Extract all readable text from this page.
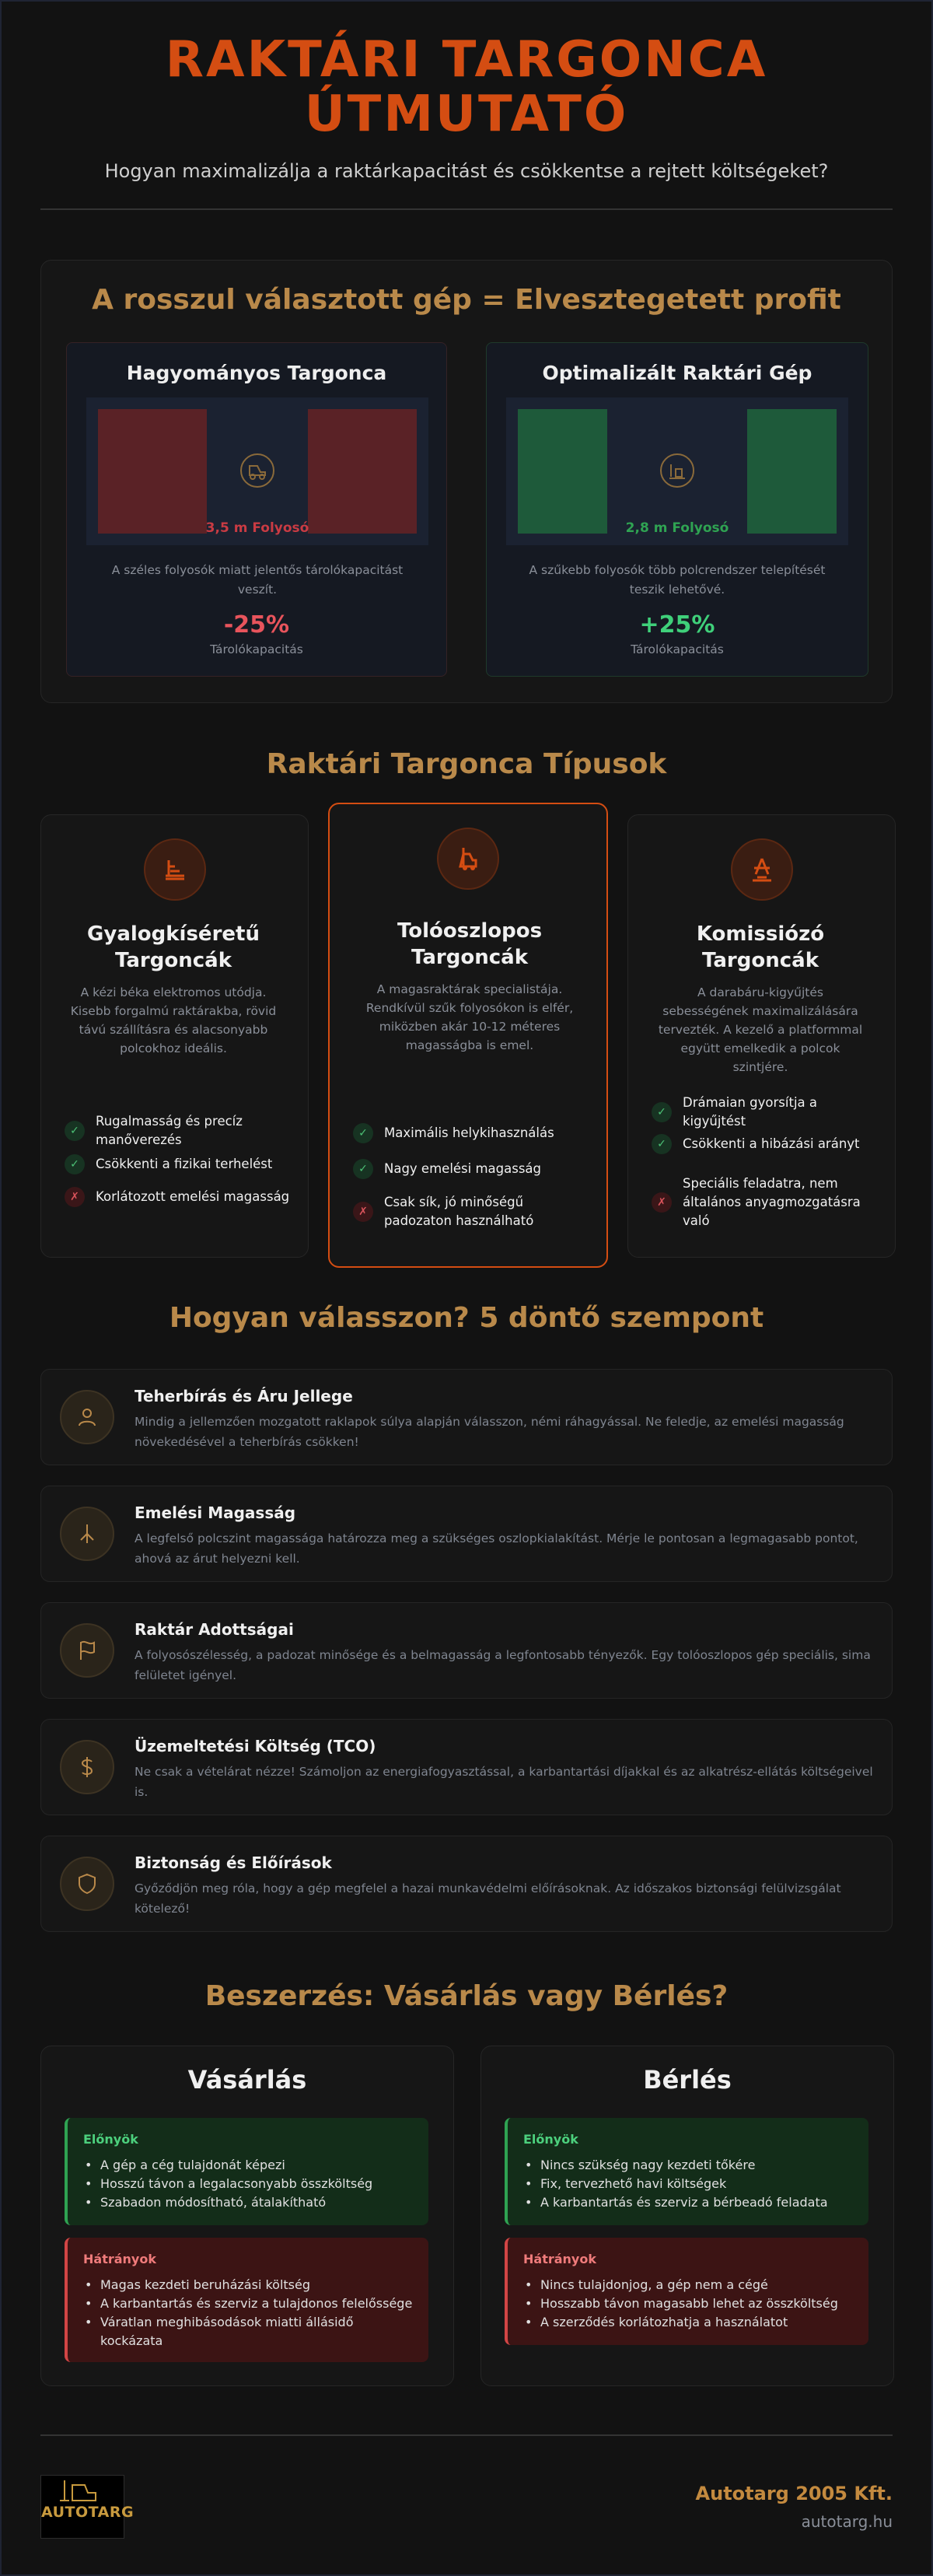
RAKTÁRI TARGONCA
ÚTMUTATÓ
Hogyan maximalizálja a raktárkapacitást és csökkentse a rejtett költségeket?
A rosszul választott gép = Elvesztegetett profit
Hagyományos Targonca
3,5 m Folyosó
A széles folyosók miatt jelentős tárolókapacitást veszít.
-25%
Tárolókapacitás
Optimalizált Raktári Gép
2,8 m Folyosó
A szűkebb folyosók több polcrendszer telepítését teszik lehetővé.
+25%
Tárolókapacitás
Raktári Targonca Típusok
Gyalogkíséretű
Targoncák
A kézi béka elektromos utódja. Kisebb forgalmú raktárakba, rövid távú szállításra és alacsonyabb polcokhoz ideális.
✓
Rugalmasság és precíz manőverezés
✓	Csökkenti a fizikai terhelést
✗	Korlátozott emelési magasság
Tolóoszlopos
Targoncák
A magasraktárak specialistája. Rendkívül szűk folyosókon is elfér, miközben akár 10-12 méteres magasságba is emel.
✓	Maximális helykihasználás
✓	Nagy emelési magasság
✗
Csak sík, jó minőségű padozaton használható
Komissiózó
Targoncák
A darabáru-kigyűjtés sebességének maximalizálására tervezték. A kezelő a platformmal együtt emelkedik a polcok szintjére.
✓
Drámaian gyorsítja a kigyűjtést
✓	Csökkenti a hibázási arányt
✗
Speciális feladatra, nem általános anyagmozgatásra való
Hogyan válasszon? 5 döntő szempont
Teherbírás és Áru Jellege
Mindig a jellemzően mozgatott raklapok súlya alapján válasszon, némi ráhagyással. Ne feledje, az emelési magasság növekedésével a teherbírás csökken!
Emelési Magasság
A legfelső polcszint magassága határozza meg a szükséges oszlopkialakítást. Mérje le pontosan a legmagasabb pontot, ahová az árut helyezni kell.
Raktár Adottságai
A folyosószélesség, a padozat minősége és a belmagasság a legfontosabb tényezők. Egy tolóoszlopos gép speciális, sima felületet igényel.
Üzemeltetési Költség (TCO)
Ne csak a vételárat nézze! Számoljon az energiafogyasztással, a karbantartási díjakkal és az alkatrész-ellátás költségeivel is.
Biztonság és Előírások
Győződjön meg róla, hogy a gép megfelel a hazai munkavédelmi előírásoknak. Az időszakos biztonsági felülvizsgálat kötelező!
Beszerzés: Vásárlás vagy Bérlés?
Vásárlás
Előnyök
• A gép a cég tulajdonát képezi
• Hosszú távon a legalacsonyabb összköltség
• Szabadon módosítható, átalakítható
Hátrányok
• Magas kezdeti beruházási költség
• A karbantartás és szerviz a tulajdonos felelőssége
• Váratlan meghibásodások miatti állásidő kockázata
Bérlés
Előnyök
• Nincs szükség nagy kezdeti tőkére
• Fix, tervezhető havi költségek
• A karbantartás és szerviz a bérbeadó feladata
Hátrányok
• Nincs tulajdonjog, a gép nem a cégé
• Hosszabb távon magasabb lehet az összköltség
• A szerződés korlátozhatja a használatot
AUTOTARG
Autotarg 2005 Kft.
autotarg.hu
